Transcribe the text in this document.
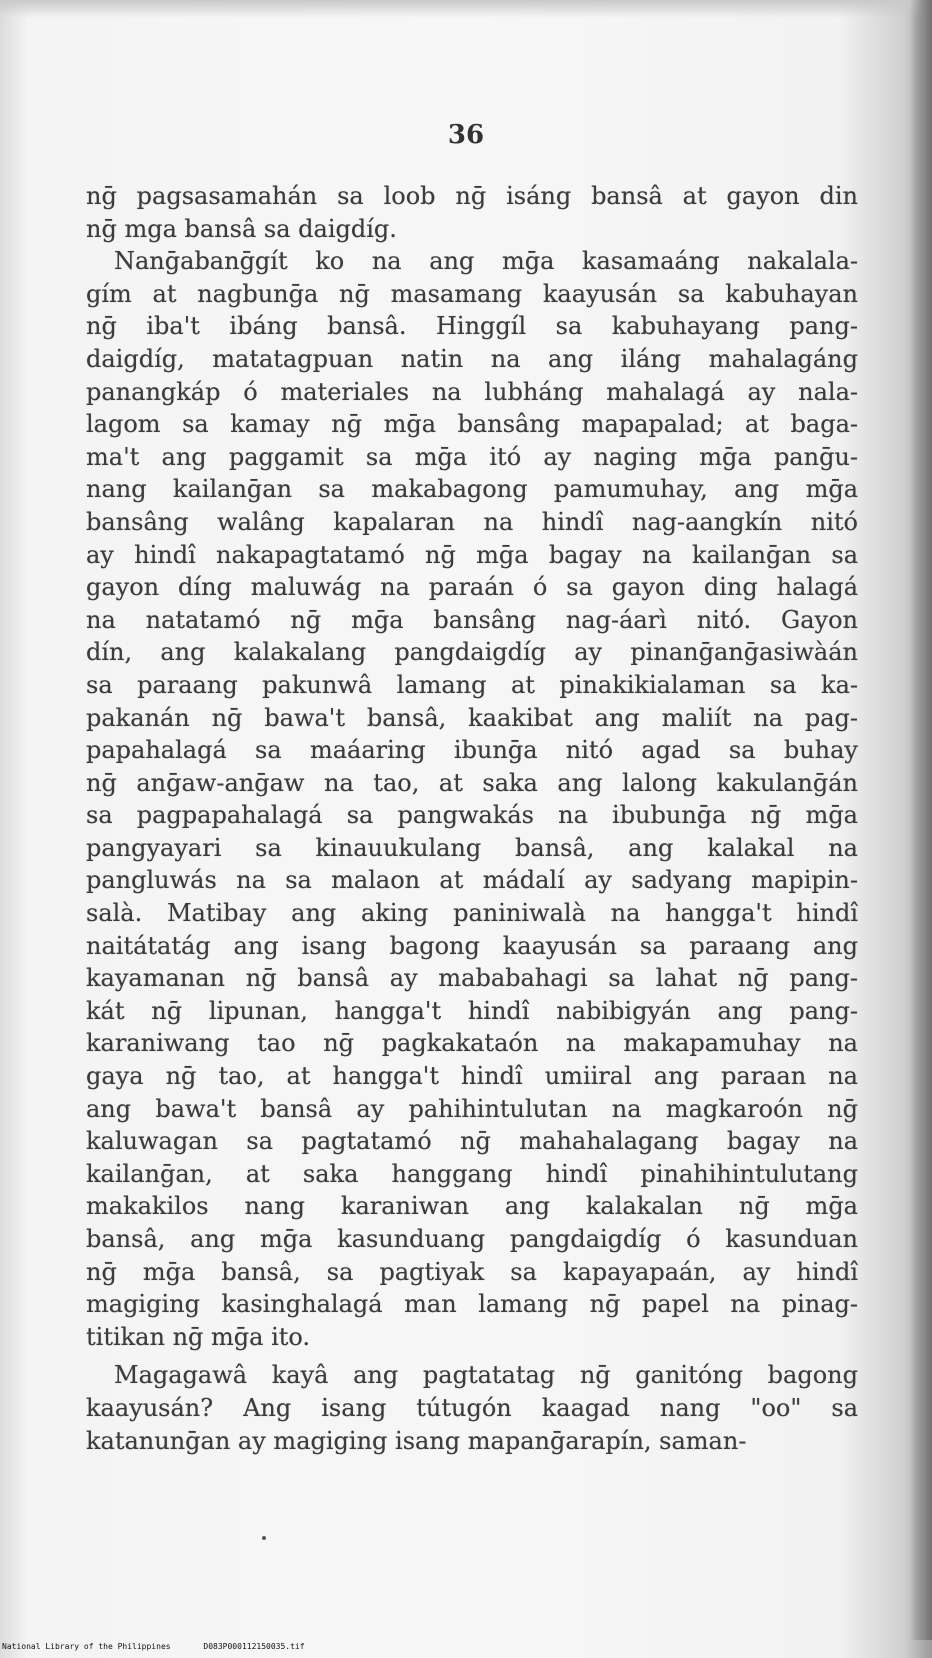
36
nḡ pagsasamahán sa loob nḡ isáng bansâ at gayon din
nḡ mga bansâ sa daigdíg.
Nanḡabanḡgít ko na ang mḡa kasamaáng nakalala-
gím at nagbunḡa nḡ masamang kaayusán sa kabuhayan
nḡ iba't ibáng bansâ. Hinggíl sa kabuhayang pang-
daigdíg, matatagpuan natin na ang iláng mahalagáng
panangkáp ó materiales na lubháng mahalagá ay nala-
lagom sa kamay nḡ mḡa bansâng mapapalad; at baga-
ma't ang paggamit sa mḡa itó ay naging mḡa panḡu-
nang kailanḡan sa makabagong pamumuhay, ang mḡa
bansâng walâng kapalaran na hindî nag-aangkín nitó
ay hindî nakapagtatamó nḡ mḡa bagay na kailanḡan sa
gayon díng maluwág na paraán ó sa gayon ding halagá
na natatamó nḡ mḡa bansâng nag-áarì nitó. Gayon
dín, ang kalakalang pangdaigdíg ay pinanḡanḡasiwàán
sa paraang pakunwâ lamang at pinakikialaman sa ka-
pakanán nḡ bawa't bansâ, kaakibat ang maliít na pag-
papahalagá sa maáaring ibunḡa nitó agad sa buhay
nḡ anḡaw-anḡaw na tao, at saka ang lalong kakulanḡán
sa pagpapahalagá sa pangwakás na ibubunḡa nḡ mḡa
pangyayari sa kinauukulang bansâ, ang kalakal na
pangluwás na sa malaon at mádalí ay sadyang mapipin-
salà. Matibay ang aking paniniwalà na hangga't hindî
naitátatág ang isang bagong kaayusán sa paraang ang
kayamanan nḡ bansâ ay mababahagi sa lahat nḡ pang-
kát nḡ lipunan, hangga't hindî nabibigyán ang pang-
karaniwang tao nḡ pagkakataón na makapamuhay na
gaya nḡ tao, at hangga't hindî umiiral ang paraan na
ang bawa't bansâ ay pahihintulutan na magkaroón nḡ
kaluwagan sa pagtatamó nḡ mahahalagang bagay na
kailanḡan, at saka hanggang hindî pinahihintulutang
makakilos nang karaniwan ang kalakalan nḡ mḡa
bansâ, ang mḡa kasunduang pangdaigdíg ó kasunduan
nḡ mḡa bansâ, sa pagtiyak sa kapayapaán, ay hindî
magiging kasinghalagá man lamang nḡ papel na pinag-
titikan nḡ mḡa ito.
Magagawâ kayâ ang pagtatatag nḡ ganitóng bagong
kaayusán? Ang isang tútugón kaagad nang "oo" sa
katanunḡan ay magiging isang mapanḡarapín, saman-
National Library of the Philippines	D083P000112150035.tif
